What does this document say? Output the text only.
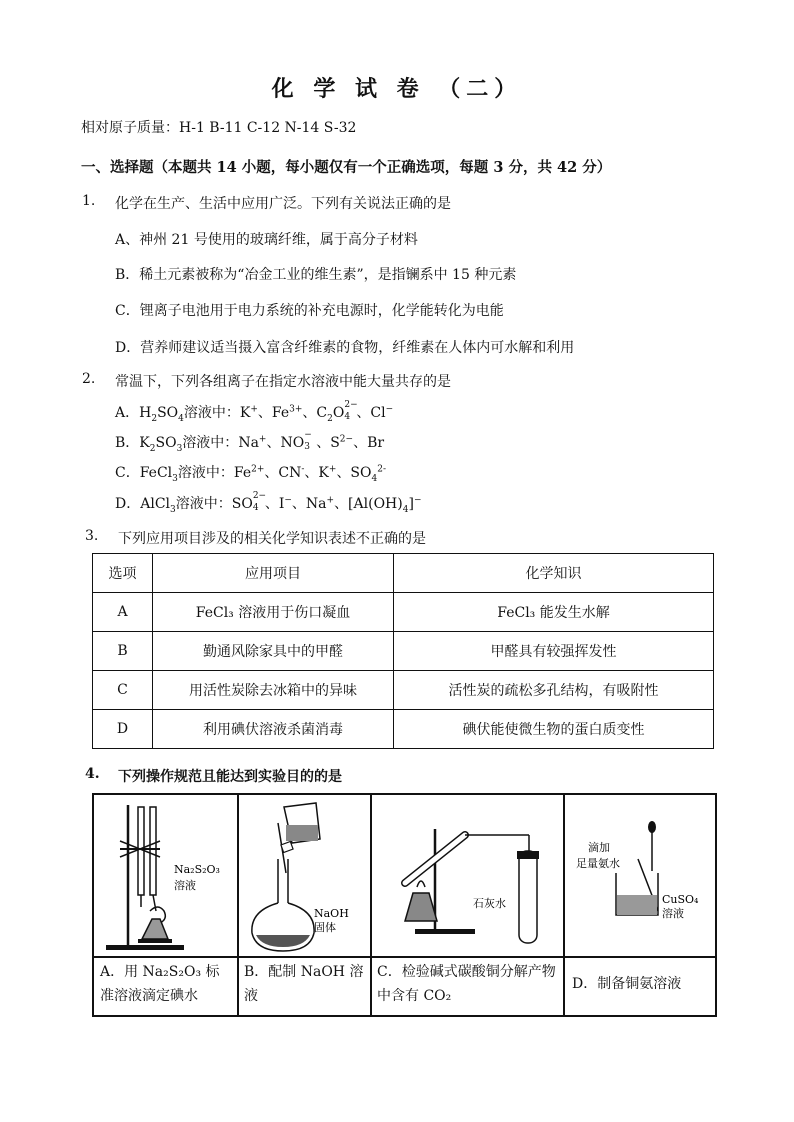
化 学 试 卷 （二）
相对原子质量：H-1 B-11 C-12 N-14 S-32
一、选择题（本题共 14 小题，每小题仅有一个正确选项，每题 3 分，共 42 分）
1. 化学在生产、生活中应用广泛。下列有关说法正确的是
A、神州 21 号使用的玻璃纤维，属于高分子材料
B．稀土元素被称为“冶金工业的维生素”，是指镧系中 15 种元素
C．锂离子电池用于电力系统的补充电源时，化学能转化为电能
D．营养师建议适当摄入富含纤维素的食物，纤维素在人体内可水解和利用
2. 常温下，下列各组离子在指定水溶液中能大量共存的是
A．$H_2SO_4$溶液中：K+、$Fe^{3+}$、$C_2O$ 2−
4 、Cl−
B．$K_2SO_3$溶液中：Na+、NO −
3 、$S^{2-}$、Br
C．FeCl$_3$溶液中：$Fe^{2+}$、CN-、K+、$SO_4^{2-}$
D．AlCl$_3$溶液中：SO 2−
4 、I−、Na+、$[Al(OH)_4]^-$
3. 下列应用项目涉及的相关化学知识表述不正确的是
选项	应用项目	化学知识
A	FeCl₃ 溶液用于伤口凝血	FeCl₃ 能发生水解
B	勤通风除家具中的甲醛	甲醛具有较强挥发性
C	用活性炭除去冰箱中的异味	活性炭的疏松多孔结构，有吸附性
D	利用碘伏溶液杀菌消毒	碘伏能使微生物的蛋白质变性
4. 下列操作规范且能达到实验目的的是
Na₂S₂O₃
溶液
NaOH
固体
石灰水
滴加
足量氨水
CuSO₄
溶液
A．用 Na₂S₂O₃ 标准溶液滴定碘水
B．配制 NaOH 溶液
C．检验碱式碳酸铜分解产物中含有 CO₂
D．制备铜氨溶液
